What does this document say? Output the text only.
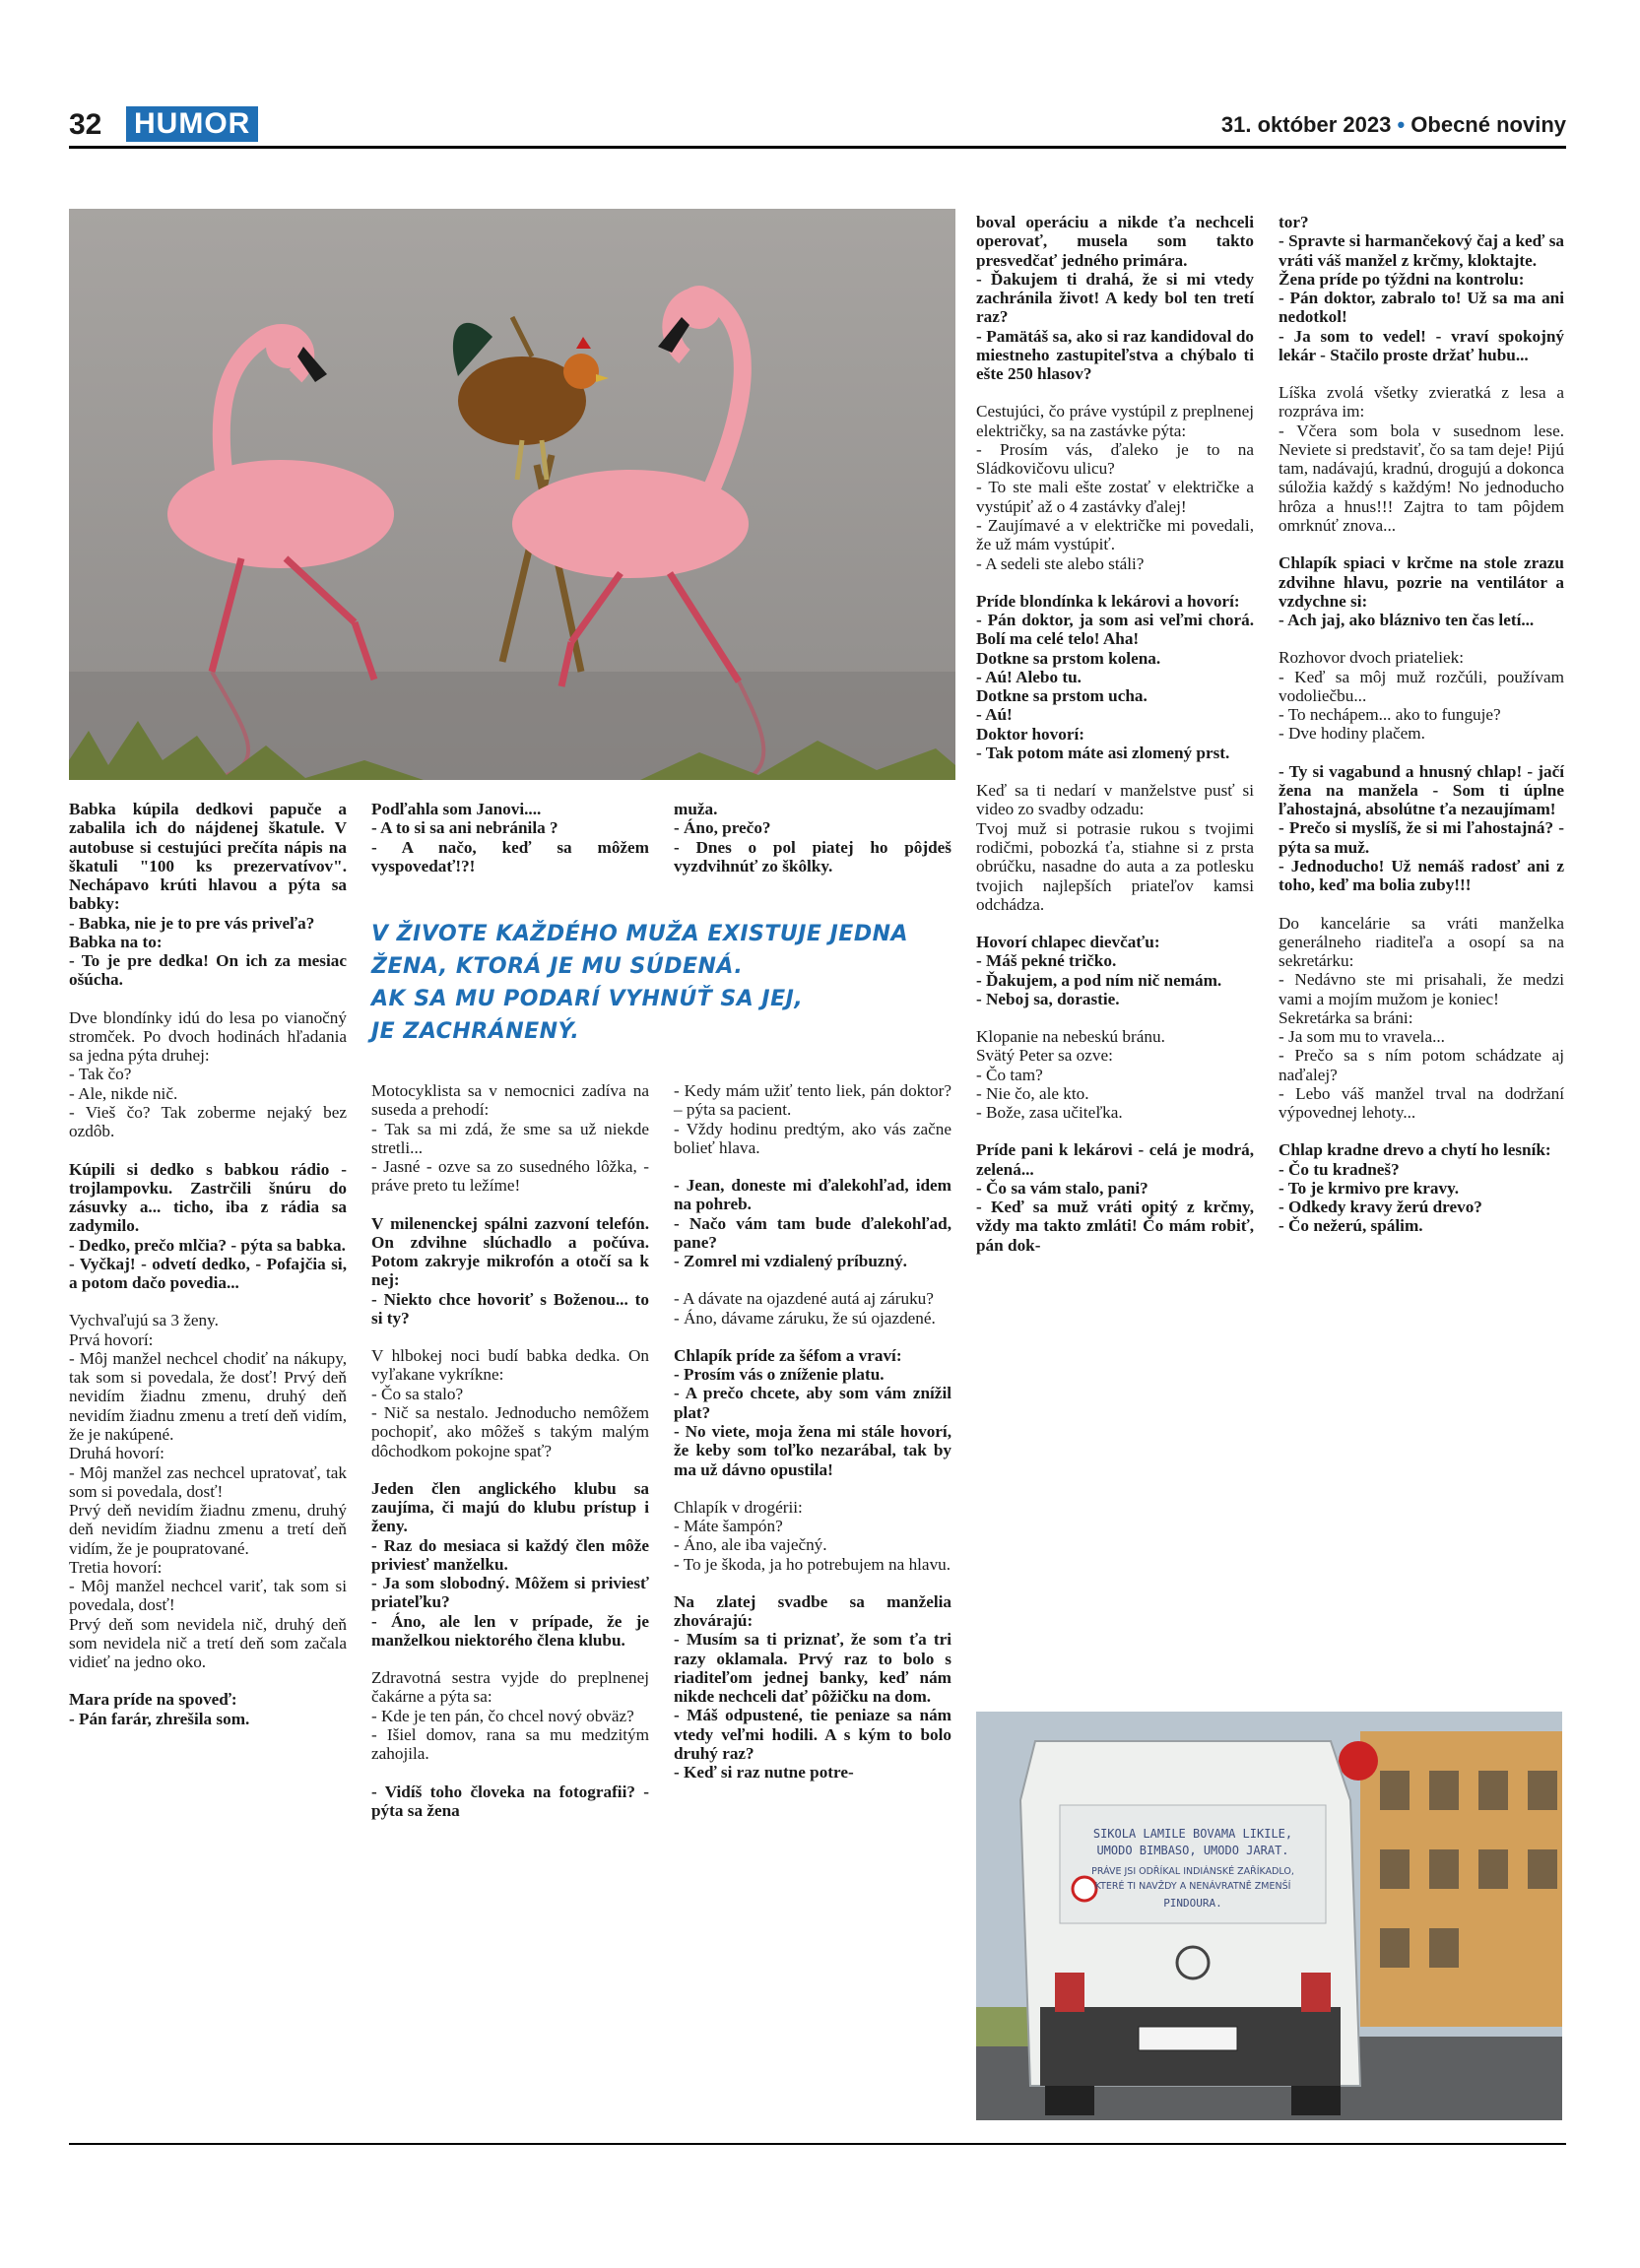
32 HUMOR	31. október 2023 • Obecné noviny

Babka kúpila dedkovi papuče a zabalila ich do nájdenej škatule. V autobuse si cestujúci prečíta nápis na škatuli "100 ks prezervatívov". Nechápavo krúti hlavou a pýta sa babky:
- Babka, nie je to pre vás priveľa?
Babka na to:
- To je pre dedka! On ich za mesiac ošúcha.

Dve blondínky idú do lesa po vianočný stromček. Po dvoch hodinách hľadania sa jedna pýta druhej:
- Tak čo?
- Ale, nikde nič.
- Vieš čo? Tak zoberme nejaký bez ozdôb.

Kúpili si dedko s babkou rádio - trojlampovku. Zastrčili šnúru do zásuvky a... ticho, iba z rádia sa zadymilo.
- Dedko, prečo mlčia? - pýta sa babka.
- Vyčkaj! - odvetí dedko, - Pofajčia si, a potom dačo povedia...

Vychvaľujú sa 3 ženy.
Prvá hovorí:
- Môj manžel nechcel chodiť na nákupy, tak som si povedala, že dosť! Prvý deň nevidím žiadnu zmenu, druhý deň nevidím žiadnu zmenu a tretí deň vidím, že je nakúpené.
Druhá hovorí:
- Môj manžel zas nechcel upratovať, tak som si povedala, dosť!
Prvý deň nevidím žiadnu zmenu, druhý deň nevidím žiadnu zmenu a tretí deň vidím, že je poupratované.
Tretia hovorí:
- Môj manžel nechcel variť, tak som si povedala, dosť!
Prvý deň som nevidela nič, druhý deň som nevidela nič a tretí deň som začala vidieť na jedno oko.

Mara príde na spoveď:
- Pán farár, zhrešila som.

Podľahla som Janovi....
- A to si sa ani nebránila ?
- A načo, keď sa môžem vyspovedať!?!

muža.
- Áno, prečo?
- Dnes o pol piatej ho pôjdeš vyzdvihnúť zo škôlky.

V ŽIVOTE KAŽDÉHO MUŽA EXISTUJE JEDNA
ŽENA, KTORÁ JE MU SÚDENÁ.
AK SA MU PODARÍ VYHNÚŤ SA JEJ,
JE ZACHRÁNENÝ.

Motocyklista sa v nemocnici zadíva na suseda a prehodí:
- Tak sa mi zdá, že sme sa už niekde stretli...
- Jasné - ozve sa zo susedného lôžka, - práve preto tu ležíme!

V milenenckej spálni zazvoní telefón. On zdvihne slúchadlo a počúva. Potom zakryje mikrofón a otočí sa k nej:
- Niekto chce hovoriť s Boženou... to si ty?

V hlbokej noci budí babka dedka. On vyľakane vykríkne:
- Čo sa stalo?
- Nič sa nestalo. Jednoducho nemôžem pochopiť, ako môžeš s takým malým dôchodkom pokojne spať?

Jeden člen anglického klubu sa zaujíma, či majú do klubu prístup i ženy.
- Raz do mesiaca si každý člen môže priviesť manželku.
- Ja som slobodný. Môžem si priviesť priateľku?
- Áno, ale len v prípade, že je manželkou niektorého člena klubu.

Zdravotná sestra vyjde do preplnenej čakárne a pýta sa:
- Kde je ten pán, čo chcel nový obväz?
- Išiel domov, rana sa mu medzitým zahojila.

- Vidíš toho človeka na fotografii? - pýta sa žena

- Kedy mám užiť tento liek, pán doktor? – pýta sa pacient.
- Vždy hodinu predtým, ako vás začne bolieť hlava.

- Jean, doneste mi ďalekohľad, idem na pohreb.
- Načo vám tam bude ďalekohľad, pane?
- Zomrel mi vzdialený príbuzný.

- A dávate na ojazdené autá aj záruku?
- Áno, dávame záruku, že sú ojazdené.

Chlapík príde za šéfom a vraví:
- Prosím vás o zníženie platu.
- A prečo chcete, aby som vám znížil plat?
- No viete, moja žena mi stále hovorí, že keby som toľko nezarábal, tak by ma už dávno opustila!

Chlapík v drogérii:
- Máte šampón?
- Áno, ale iba vaječný.
- To je škoda, ja ho potrebujem na hlavu.

Na zlatej svadbe sa manželia zhovárajú:
- Musím sa ti priznať, že som ťa tri razy oklamala. Prvý raz to bolo s riaditeľom jednej banky, keď nám nikde nechceli dať pôžičku na dom.
- Máš odpustené, tie peniaze sa nám vtedy veľmi hodili. A s kým to bolo druhý raz?
- Keď si raz nutne potre-

boval operáciu a nikde ťa nechceli operovať, musela som takto presvedčať jedného primára.
- Ďakujem ti drahá, že si mi vtedy zachránila život! A kedy bol ten tretí raz?
- Pamätáš sa, ako si raz kandidoval do miestneho zastupiteľstva a chýbalo ti ešte 250 hlasov?

Cestujúci, čo práve vystúpil z preplnenej električky, sa na zastávke pýta:
- Prosím vás, ďaleko je to na Sládkovičovu ulicu?
- To ste mali ešte zostať v električke a vystúpiť až o 4 zastávky ďalej!
- Zaujímavé a v električke mi povedali, že už mám vystúpiť.
- A sedeli ste alebo stáli?

Príde blondínka k lekárovi a hovorí:
- Pán doktor, ja som asi veľmi chorá. Bolí ma celé telo! Aha!
Dotkne sa prstom kolena.
- Aú! Alebo tu.
Dotkne sa prstom ucha.
- Aú!
Doktor hovorí:
- Tak potom máte asi zlomený prst.

Keď sa ti nedarí v manželstve pusť si video zo svadby odzadu:
Tvoj muž si potrasie rukou s tvojimi rodičmi, pobozká ťa, stiahne si z prsta obrúčku, nasadne do auta a za potlesku tvojich najlepších priateľov kamsi odchádza.

Hovorí chlapec dievčaťu:
- Máš pekné tričko.
- Ďakujem, a pod ním nič nemám.
- Neboj sa, dorastie.

Klopanie na nebeskú bránu.
Svätý Peter sa ozve:
- Čo tam?
- Nie čo, ale kto.
- Bože, zasa učiteľka.

Príde pani k lekárovi - celá je modrá, zelená...
- Čo sa vám stalo, pani?
- Keď sa muž vráti opitý z krčmy, vždy ma takto zmláti! Čo mám robiť, pán dok-

tor?
- Spravte si harmančekový čaj a keď sa vráti váš manžel z krčmy, kloktajte.
Žena príde po týždni na kontrolu:
- Pán doktor, zabralo to! Už sa ma ani nedotkol!
- Ja som to vedel! - vraví spokojný lekár - Stačilo proste držať hubu...

Líška zvolá všetky zvieratká z lesa a rozpráva im:
- Včera som bola v susednom lese. Neviete si predstaviť, čo sa tam deje! Pijú tam, nadávajú, kradnú, drogujú a dokonca súložia každý s každým! No jednoducho hrôza a hnus!!! Zajtra to tam pôjdem omrknúť znova...

Chlapík spiaci v krčme na stole zrazu zdvihne hlavu, pozrie na ventilátor a vzdychne si:
- Ach jaj, ako bláznivo ten čas letí...

Rozhovor dvoch priateliek:
- Keď sa môj muž rozčúli, používam vodoliečbu...
- To nechápem... ako to funguje?
- Dve hodiny plačem.

- Ty si vagabund a hnusný chlap! - jačí žena na manžela - Som ti úplne ľahostajná, absolútne ťa nezaujímam!
- Prečo si myslíš, že si mi ľahostajná? - pýta sa muž.
- Jednoducho! Už nemáš radosť ani z toho, keď ma bolia zuby!!!

Do kancelárie sa vráti manželka generálneho riaditeľa a osopí sa na sekretárku:
- Nedávno ste mi prisahali, že medzi vami a mojím mužom je koniec!
Sekretárka sa bráni:
- Ja som mu to vravela...
- Prečo sa s ním potom schádzate aj naďalej?
- Lebo váš manžel trval na dodržaní výpovednej lehoty...

Chlap kradne drevo a chytí ho lesník:
- Čo tu kradneš?
- To je krmivo pre kravy.
- Odkedy kravy žerú drevo?
- Čo nežerú, spálim.

SIKOLA LAMILE BOVAMA LIKILE,
UMODO BIMBASO, UMODO JARAT.
PRÁVE JSI ODŘÍKAL INDIÁNSKÉ ZAŘÍKADLO,
KTERÉ TI NAVŽDY A NENÁVRATNĚ ZMENŠÍ
PINDOURA.
